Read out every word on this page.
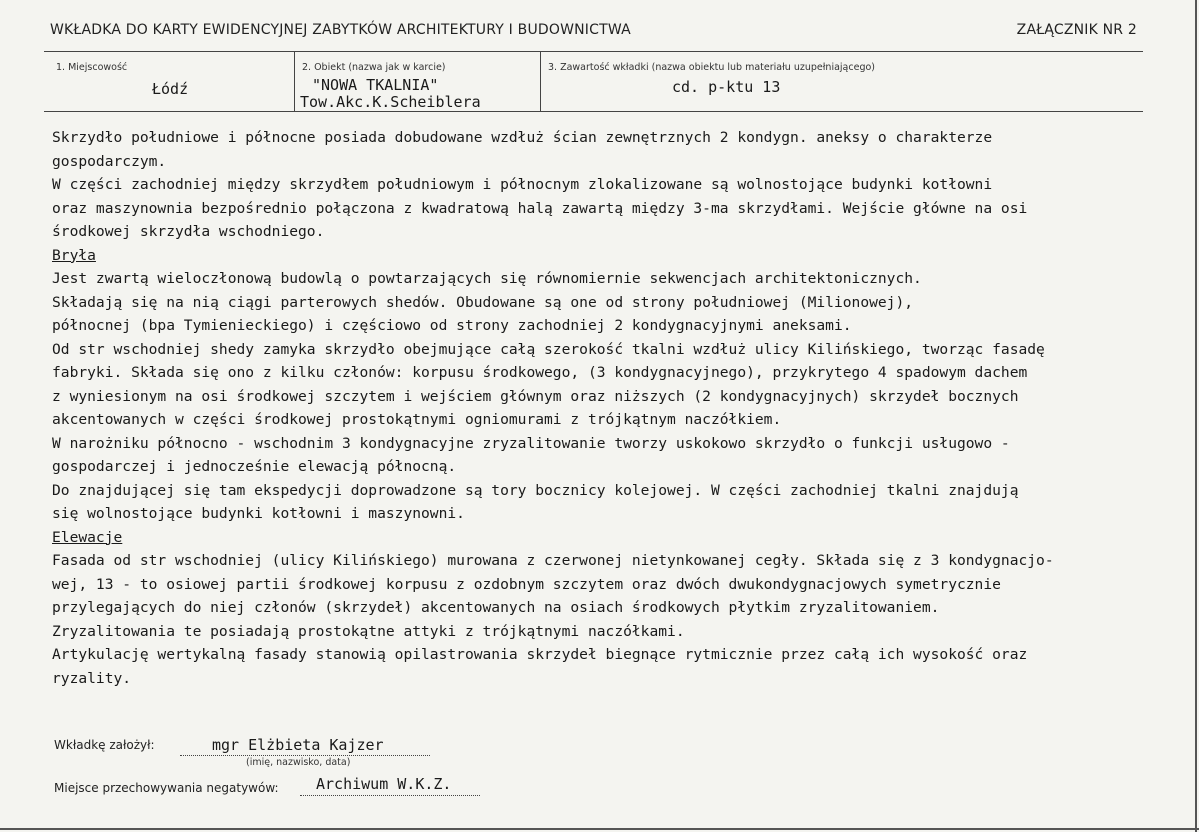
WKŁADKA DO KARTY EWIDENCYJNEJ ZABYTKÓW ARCHITEKTURY I BUDOWNICTWA	ZAŁĄCZNIK NR 2
1. Miejscowość
Łódź
2. Obiekt (nazwa jak w karcie)
"NOWA TKALNIA"
Tow.Akc.K.Scheiblera
3. Zawartość wkładki (nazwa obiektu lub materiału uzupełniającego)
cd. p-ktu 13
Skrzydło południowe i północne posiada dobudowane wzdłuż ścian zewnętrznych 2 kondygn. aneksy o charakterze
gospodarczym.
W części zachodniej między skrzydłem południowym i północnym zlokalizowane są wolnostojące budynki kotłowni
oraz maszynownia bezpośrednio połączona z kwadratową halą zawartą między 3-ma skrzydłami. Wejście główne na osi
środkowej skrzydła wschodniego.
Bryła
Jest zwartą wieloczłonową budowlą o powtarzających się równomiernie sekwencjach architektonicznych.
Składają się na nią ciągi parterowych shedów. Obudowane są one od strony południowej (Milionowej),
północnej (bpa Tymienieckiego) i częściowo od strony zachodniej 2 kondygnacyjnymi aneksami.
Od str wschodniej shedy zamyka skrzydło obejmujące całą szerokość tkalni wzdłuż ulicy Kilińskiego, tworząc fasadę
fabryki. Składa się ono z kilku członów: korpusu środkowego, (3 kondygnacyjnego), przykrytego 4 spadowym dachem
z wyniesionym na osi środkowej szczytem i wejściem głównym oraz niższych (2 kondygnacyjnych) skrzydeł bocznych
akcentowanych w części środkowej prostokątnymi ogniomurami z trójkątnym naczółkiem.
W narożniku północno - wschodnim 3 kondygnacyjne zryzalitowanie tworzy uskokowo skrzydło o funkcji usługowo -
gospodarczej i jednocześnie elewacją północną.
Do znajdującej się tam ekspedycji doprowadzone są tory bocznicy kolejowej. W części zachodniej tkalni znajdują
się wolnostojące budynki kotłowni i maszynowni.
Elewacje
Fasada od str wschodniej (ulicy Kilińskiego) murowana z czerwonej nietynkowanej cegły. Składa się z 3 kondygnacjo-
wej, 13 - to osiowej partii środkowej korpusu z ozdobnym szczytem oraz dwóch dwukondygnacjowych symetrycznie
przylegających do niej członów (skrzydeł) akcentowanych na osiach środkowych płytkim zryzalitowaniem.
Zryzalitowania te posiadają prostokątne attyki z trójkątnymi naczółkami.
Artykulację wertykalną fasady stanowią opilastrowania skrzydeł biegnące rytmicznie przez całą ich wysokość oraz
ryzality.
Wkładkę założył:	mgr Elżbieta Kajzer
(imię, nazwisko, data)
Miejsce przechowywania negatywów: Archiwum W.K.Z.
